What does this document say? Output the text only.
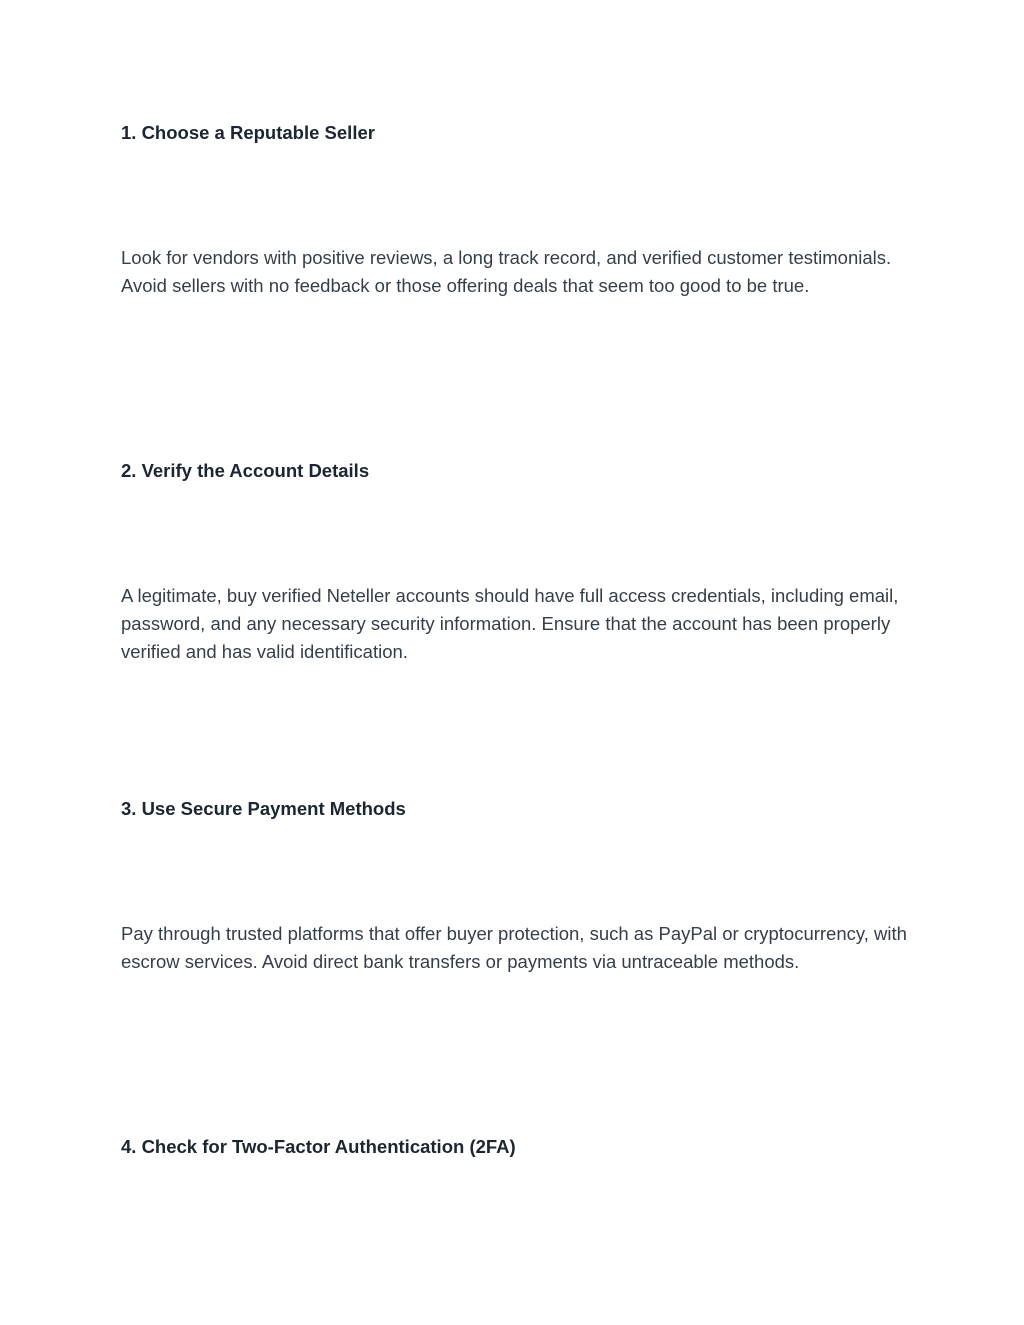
1. Choose a Reputable Seller

Look for vendors with positive reviews, a long track record, and verified customer testimonials. Avoid sellers with no feedback or those offering deals that seem too good to be true.

2. Verify the Account Details

A legitimate, buy verified Neteller accounts should have full access credentials, including email, password, and any necessary security information. Ensure that the account has been properly verified and has valid identification.

3. Use Secure Payment Methods

Pay through trusted platforms that offer buyer protection, such as PayPal or cryptocurrency, with escrow services. Avoid direct bank transfers or payments via untraceable methods.

4. Check for Two-Factor Authentication (2FA)
